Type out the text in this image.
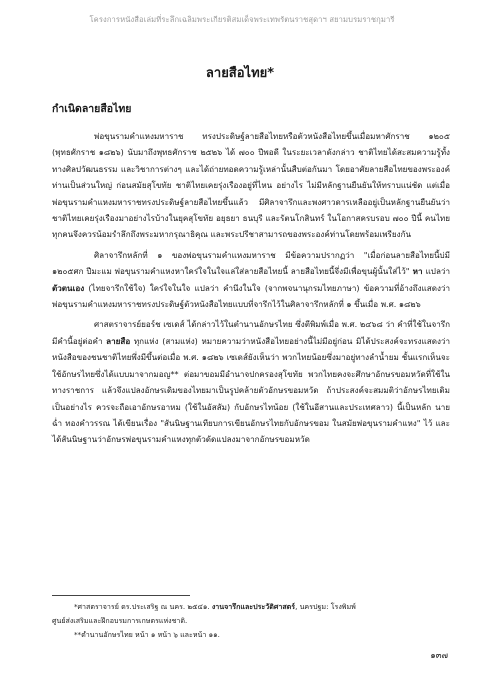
โครงการหนังสือเล่มที่ระลึกเฉลิมพระเกียรติสมเด็จพระเทพรัตนราชสุดาฯ สยามบรมราชกุมารี
ลายสือไทย*
กำเนิดลายสือไทย

พ่อขุนรามคำแหงมหาราช ทรงประดิษฐ์ลายสือไทยหรือตัวหนังสือไทยขึ้นเมื่อมหาศักราช ๑๒๐๕ (พุทธศักราช ๑๘๒๖) นับมาถึงพุทธศักราช ๒๕๒๖ ได้ ๗๐๐ ปีพอดี ในระยะเวลาดังกล่าว ชาติไทยได้สะสมความรู้ทั้งทางศิลปวัฒนธรรม และวิชาการต่างๆ และได้ถ่ายทอดความรู้เหล่านั้นสืบต่อกันมา โดยอาศัยลายสือไทยของพระองค์ท่านเป็นส่วนใหญ่ ก่อนสมัยสุโขทัย ชาติไทยเคยรุ่งเรืองอยู่ที่ไหน อย่างไร ไม่มีหลักฐานยืนยันให้ทราบแน่ชัด แต่เมื่อพ่อขุนรามคำแหงมหาราชทรงประดิษฐ์ลายสือไทยขึ้นแล้ว มีศิลาจารึกและพงศาวดารเหลืออยู่เป็นหลักฐานยืนยันว่า ชาติไทยเคยรุ่งเรืองมาอย่างไรบ้างในยุคสุโขทัย อยุธยา ธนบุรี และรัตนโกสินทร์ ในโอกาสครบรอบ ๗๐๐ ปีนี้ คนไทยทุกคนจึงควรน้อมรำลึกถึงพระมหากรุณาธิคุณ และพระปรีชาสามารถของพระองค์ท่านโดยพร้อมเพรียงกัน

ศิลาจารึกหลักที่ ๑ ของพ่อขุนรามคำแหงมหาราช มีข้อความปรากฏว่า "เมื่อก่อนลายสือไทยนี้บ่มี ๑๒๐๕ศก ปีมะแม พ่อขุนรามคำแหงหาใคร่ใจในใจแล่ใส่ลายสือไทยนี้ ลายสือไทยนี้จึ่งมีเพื่อขุนผู้นั้นใส่ไว้" หา แปลว่า ตัวตนเอง (ไทยจารึกใช้ใจ) ใคร่ใจในใจ แปลว่า คำนึงในใจ (จากพจนานุกรมไทยภาษา) ข้อความที่อ้างถึงแสดงว่าพ่อขุนรามคำแหงมหาราชทรงประดิษฐ์ตัวหนังสือไทยแบบที่จารึกไว้ในศิลาจารึกหลักที่ ๑ ขึ้นเมื่อ พ.ศ. ๑๘๒๖

ศาสตราจารย์ยอร์ช เซเดส์ ได้กล่าวไว้ในตำนานอักษรไทย ซึ่งตีพิมพ์เมื่อ พ.ศ. ๒๔๖๘ ว่า คำที่ใช้ในจารึกมีคำนี้อยู่ต่อคำ ลายสือ ทุกแห่ง (สามแห่ง) หมายความว่าหนังสือไทยอย่างนี้ไม่มีอยู่ก่อน มิได้ประสงค์จะทรงแสดงว่า หนังสือของชนชาติไทยพึ่งมีขึ้นต่อเมื่อ พ.ศ. ๑๘๒๖ เซเดส์ยังเห็นว่า พวกไทยน้อยซึ่งมาอยู่ทางลำน้ำยม ชั้นแรกเห็นจะใช้อักษรไทยซึ่งได้แบบมาจากมอญ** ต่อมาขอมมีอำนาจปกครองสุโขทัย พวกไทยคงจะศึกษาอักษรขอมหวัดที่ใช้ในทางราชการ แล้วจึงแปลงอักษรเดิมของไทยมาเป็นรูปคล้ายตัวอักษรขอมหวัด ถ้าประสงค์จะสมมติว่าอักษรไทยเดิมเป็นอย่างไร ควรจะถือเอาอักษรอาหม (ใช้ในอัสสัม) กับอักษรไทน้อย (ใช้ในอีสานและประเทศลาว) นี้เป็นหลัก นายฉ่ำ ทองคำวรรณ ได้เขียนเรื่อง "สันนิษฐานเทียบการเขียนอักษรไทยกับอักษรขอม ในสมัยพ่อขุนรามคำแหง" ไว้ และได้สันนิษฐานว่าอักษรพ่อขุนรามคำแหงทุกตัวดัดแปลงมาจากอักษรขอมหวัด

*ศาสตราจารย์ ดร.ประเสริฐ ณ นคร. ๒๕๔๑. งานจารึกและประวัติศาสตร์, นครปฐม: โรงพิมพ์

ศูนย์ส่งเสริมและฝึกอบรมการเกษตรแห่งชาติ.

**ตำนานอักษรไทย หน้า ๑ หน้า ๖ และหน้า ๑๑.

๑๓๗
